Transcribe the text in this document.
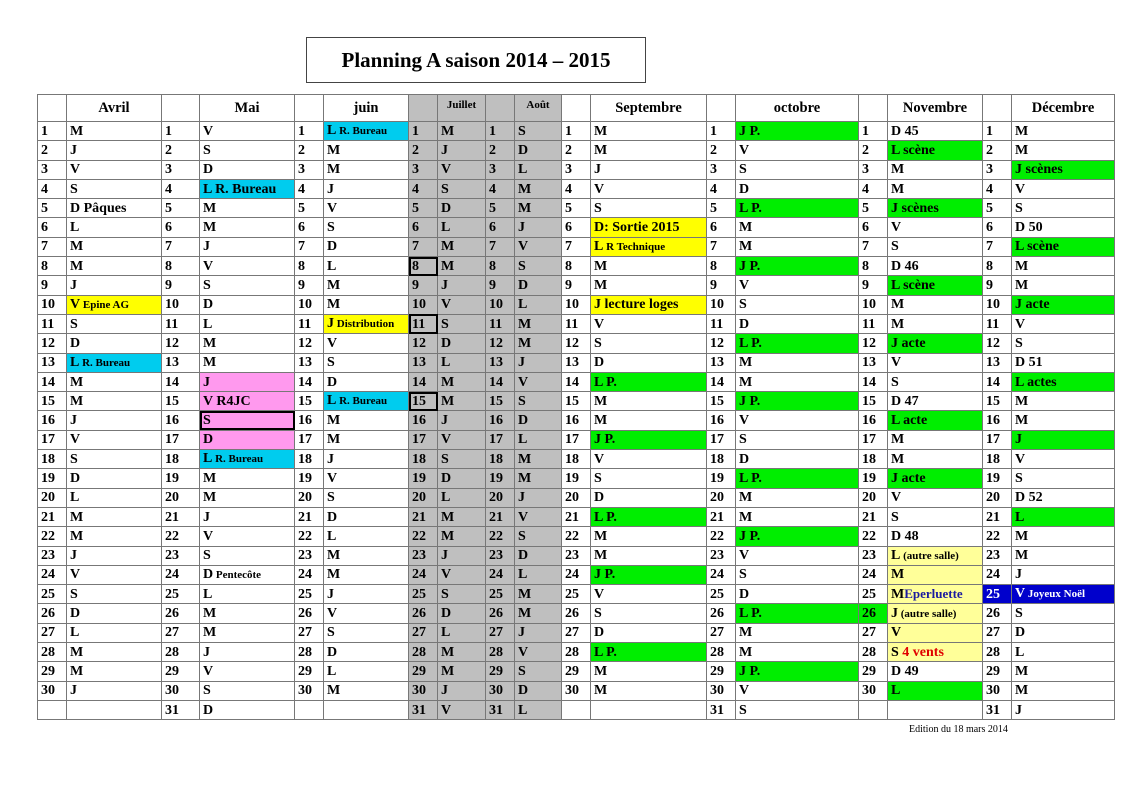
Planning A saison 2014 – 2015
	Avril		Mai		juin		Juillet		Août		Septembre		octobre		Novembre		Décembre
1	M	1	V	1	L R. Bureau	1	M	1	S	1	M	1	J P.	1	D 45	1	M
2	J	2	S	2	M	2	J	2	D	2	M	2	V	2	L scène	2	M
3	V	3	D	3	M	3	V	3	L	3	J	3	S	3	M	3	J scènes
4	S	4	L R. Bureau	4	J	4	S	4	M	4	V	4	D	4	M	4	V
5	D Pâques	5	M	5	V	5	D	5	M	5	S	5	L P.	5	J scènes	5	S
6	L	6	M	6	S	6	L	6	J	6	D: Sortie 2015	6	M	6	V	6	D 50
7	M	7	J	7	D	7	M	7	V	7	L R Technique	7	M	7	S	7	L scène
8	M	8	V	8	L	8	M	8	S	8	M	8	J P.	8	D 46	8	M
9	J	9	S	9	M	9	J	9	D	9	M	9	V	9	L scène	9	M
10	V Epine AG	10	D	10	M	10	V	10	L	10	J lecture loges	10	S	10	M	10	J acte
11	S	11	L	11	J Distribution	11	S	11	M	11	V	11	D	11	M	11	V
12	D	12	M	12	V	12	D	12	M	12	S	12	L P.	12	J acte	12	S
13	L R. Bureau	13	M	13	S	13	L	13	J	13	D	13	M	13	V	13	D 51
14	M	14	J	14	D	14	M	14	V	14	L P.	14	M	14	S	14	L actes
15	M	15	V R4JC	15	L R. Bureau	15	M	15	S	15	M	15	J P.	15	D 47	15	M
16	J	16	S	16	M	16	J	16	D	16	M	16	V	16	L acte	16	M
17	V	17	D	17	M	17	V	17	L	17	J P.	17	S	17	M	17	J
18	S	18	L R. Bureau	18	J	18	S	18	M	18	V	18	D	18	M	18	V
19	D	19	M	19	V	19	D	19	M	19	S	19	L P.	19	J acte	19	S
20	L	20	M	20	S	20	L	20	J	20	D	20	M	20	V	20	D 52
21	M	21	J	21	D	21	M	21	V	21	L P.	21	M	21	S	21	L
22	M	22	V	22	L	22	M	22	S	22	M	22	J P.	22	D 48	22	M
23	J	23	S	23	M	23	J	23	D	23	M	23	V	23	L (autre salle)	23	M
24	V	24	D Pentecôte	24	M	24	V	24	L	24	J P.	24	S	24	M	24	J
25	S	25	L	25	J	25	S	25	M	25	V	25	D	25	MEperluette	25	V Joyeux Noël
26	D	26	M	26	V	26	D	26	M	26	S	26	L P.	26	J (autre salle)	26	S
27	L	27	M	27	S	27	L	27	J	27	D	27	M	27	V	27	D
28	M	28	J	28	D	28	M	28	V	28	L P.	28	M	28	S 4 vents	28	L
29	M	29	V	29	L	29	M	29	S	29	M	29	J P.	29	D 49	29	M
30	J	30	S	30	M	30	J	30	D	30	M	30	V	30	L	30	M
		31	D			31	V	31	L			31	S			31	J
Edition du 18 mars 2014
